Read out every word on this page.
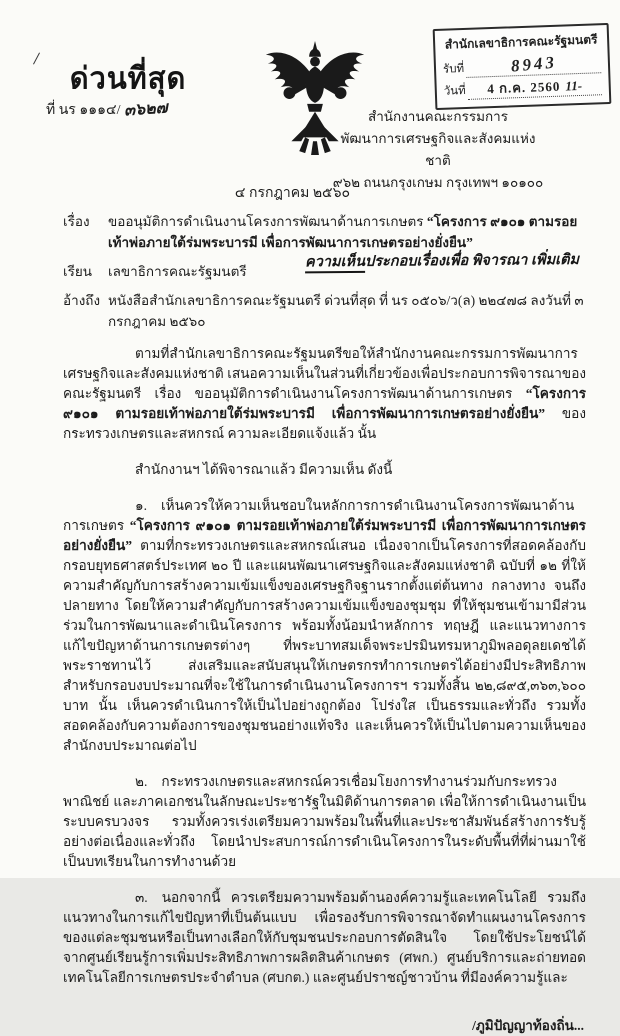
ด่วนที่สุด
ที่ นร ๑๑๑๔/ ๓๖๒๗
สำนักเลขาธิการคณะรัฐมนตรี
รับที่	8943
วันที่	4 ก.ค. 2560 11-
สำนักงานคณะกรรมการ
พัฒนาการเศรษฐกิจและสังคมแห่งชาติ
๙๖๒ ถนนกรุงเกษม กรุงเทพฯ ๑๐๑๐๐
๔ กรกฎาคม ๒๕๖๐
เรื่อง	ขออนุมัติการดำเนินงานโครงการพัฒนาด้านการเกษตร “โครงการ ๙๑๐๑ ตามรอยเท้าพ่อภายใต้ร่มพระบารมี เพื่อการพัฒนาการเกษตรอย่างยั่งยืน”
ความเห็นประกอบเรื่องเพื่อ พิจารณา เพิ่มเติม
เรียน	เลขาธิการคณะรัฐมนตรี
อ้างถึง หนังสือสำนักเลขาธิการคณะรัฐมนตรี ด่วนที่สุด ที่ นร ๐๕๐๖/ว(ล) ๒๒๔๗๘ ลงวันที่ ๓ กรกฎาคม ๒๕๖๐

ตามที่สำนักเลขาธิการคณะรัฐมนตรีขอให้สำนักงานคณะกรรมการพัฒนาการเศรษฐกิจและสังคมแห่งชาติ เสนอความเห็นในส่วนที่เกี่ยวข้องเพื่อประกอบการพิจารณาของคณะรัฐมนตรี เรื่อง ขออนุมัติการดำเนินงานโครงการพัฒนาด้านการเกษตร “โครงการ ๙๑๐๑ ตามรอยเท้าพ่อภายใต้ร่มพระบารมี เพื่อการพัฒนาการเกษตรอย่างยั่งยืน” ของกระทรวงเกษตรและสหกรณ์ ความละเอียดแจ้งแล้ว นั้น

สำนักงานฯ ได้พิจารณาแล้ว มีความเห็น ดังนี้

๑. เห็นควรให้ความเห็นชอบในหลักการการดำเนินงานโครงการพัฒนาด้านการเกษตร “โครงการ ๙๑๐๑ ตามรอยเท้าพ่อภายใต้ร่มพระบารมี เพื่อการพัฒนาการเกษตรอย่างยั่งยืน” ตามที่กระทรวงเกษตรและสหกรณ์เสนอ เนื่องจากเป็นโครงการที่สอดคล้องกับกรอบยุทธศาสตร์ประเทศ ๒๐ ปี และแผนพัฒนาเศรษฐกิจและสังคมแห่งชาติ ฉบับที่ ๑๒ ที่ให้ความสำคัญกับการสร้างความเข้มแข็งของเศรษฐกิจฐานรากตั้งแต่ต้นทาง กลางทาง จนถึงปลายทาง โดยให้ความสำคัญกับการสร้างความเข้มแข็งของชุมชุม ที่ให้ชุมชนเข้ามามีส่วนร่วมในการพัฒนาและดำเนินโครงการ พร้อมทั้งน้อมนำหลักการ ทฤษฎี และแนวทางการแก้ไขปัญหาด้านการเกษตรต่างๆ ที่พระบาทสมเด็จพระปรมินทรมหาภูมิพลอดุลยเดชได้พระราชทานไว้ ส่งเสริมและสนับสนุนให้เกษตรกรทำการเกษตรได้อย่างมีประสิทธิภาพ สำหรับกรอบงบประมาณที่จะใช้ในการดำเนินงานโครงการฯ รวมทั้งสิ้น ๒๒,๘๙๕,๓๖๓,๖๐๐ บาท นั้น เห็นควรดำเนินการให้เป็นไปอย่างถูกต้อง โปร่งใส เป็นธรรมและทั่วถึง รวมทั้งสอดคล้องกับความต้องการของชุมชนอย่างแท้จริง และเห็นควรให้เป็นไปตามความเห็นของสำนักงบประมาณต่อไป

๒. กระทรวงเกษตรและสหกรณ์ควรเชื่อมโยงการทำงานร่วมกับกระทรวงพาณิชย์ และภาคเอกชนในลักษณะประชารัฐในมิติด้านการตลาด เพื่อให้การดำเนินงานเป็นระบบครบวงจร รวมทั้งควรเร่งเตรียมความพร้อมในพื้นที่และประชาสัมพันธ์สร้างการรับรู้อย่างต่อเนื่องและทั่วถึง โดยนำประสบการณ์การดำเนินโครงการในระดับพื้นที่ที่ผ่านมาใช้เป็นบทเรียนในการทำงานด้วย

๓. นอกจากนี้ ควรเตรียมความพร้อมด้านองค์ความรู้และเทคโนโลยี รวมถึงแนวทางในการแก้ไขปัญหาที่เป็นต้นแบบ เพื่อรองรับการพิจารณาจัดทำแผนงานโครงการของแต่ละชุมชนหรือเป็นทางเลือกให้กับชุมชนประกอบการตัดสินใจ โดยใช้ประโยชน์ได้จากศูนย์เรียนรู้การเพิ่มประสิทธิภาพการผลิตสินค้าเกษตร (ศพก.) ศูนย์บริการและถ่ายทอดเทคโนโลยีการเกษตรประจำตำบล (ศบกต.) และศูนย์ปราชญ์ชาวบ้าน ที่มีองค์ความรู้และ

/ภูมิปัญญาท้องถิ่น...
